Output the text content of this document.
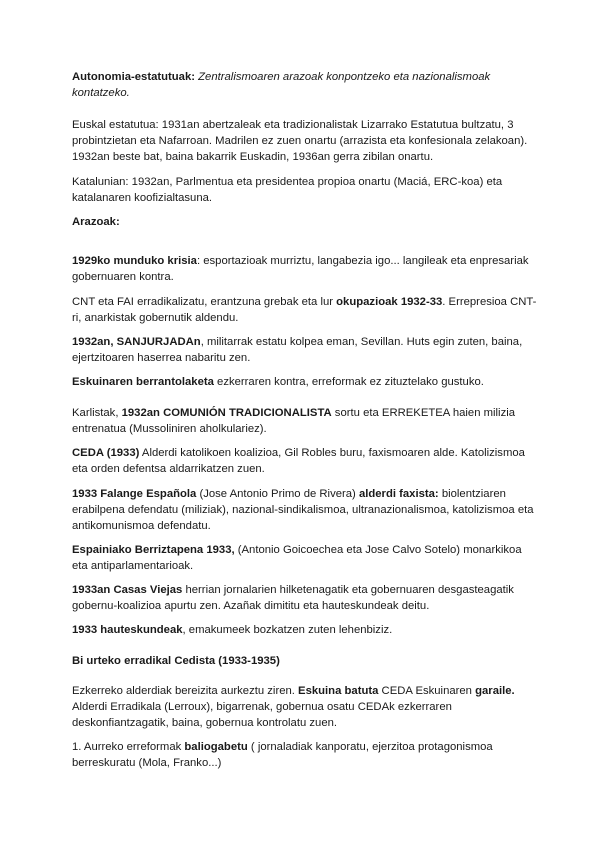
Autonomia-estatutuak: Zentralismoaren arazoak konpontzeko eta nazionalismoak kontatzeko.

Euskal estatutua: 1931an abertzaleak eta tradizionalistak Lizarrako Estatutua bultzatu, 3 probintzietan eta Nafarroan. Madrilen ez zuen onartu (arrazista eta konfesionala zelakoan). 1932an beste bat, baina bakarrik Euskadin, 1936an gerra zibilan onartu.

Katalunian: 1932an, Parlmentua eta presidentea propioa onartu (Maciá, ERC-koa) eta katalanaren koofizialtasuna.

Arazoak:

1929ko munduko krisia: esportazioak murriztu, langabezia igo... langileak eta enpresariak gobernuaren kontra.

CNT eta FAI erradikalizatu, erantzuna grebak eta lur okupazioak 1932-33. Errepresioa CNT-ri, anarkistak gobernutik aldendu.

1932an, SANJURJADAn, militarrak estatu kolpea eman, Sevillan. Huts egin zuten, baina, ejertzitoaren haserrea nabaritu zen.

Eskuinaren berrantolaketa ezkerraren kontra, erreformak ez zituztelako gustuko.

Karlistak, 1932an COMUNIÓN TRADICIONALISTA sortu eta ERREKETEA haien milizia entrenatua (Mussoliniren aholkulariez).

CEDA (1933) Alderdi katolikoen koalizioa, Gil Robles buru, faxismoaren alde. Katolizismoa eta orden defentsa aldarrikatzen zuen.

1933 Falange Española (Jose Antonio Primo de Rivera) alderdi faxista: biolentziaren erabilpena defendatu (miliziak), nazional-sindikalismoa, ultranazionalismoa, katolizismoa eta antikomunismoa defendatu.

Espainiako Berriztapena 1933, (Antonio Goicoechea eta Jose Calvo Sotelo) monarkikoa eta antiparlamentarioak.

1933an Casas Viejas herrian jornalarien hilketenagatik eta gobernuaren desgasteagatik gobernu-koalizioa apurtu zen. Azañak dimititu eta hauteskundeak deitu.

1933 hauteskundeak, emakumeek bozkatzen zuten lehenbiziz.

Bi urteko erradikal Cedista (1933-1935)

Ezkerreko alderdiak bereizita aurkeztu ziren. Eskuina batuta CEDA Eskuinaren garaile. Alderdi Erradikala (Lerroux), bigarrenak, gobernua osatu CEDAk ezkerraren deskonfiantzagatik, baina, gobernua kontrolatu zuen.

1. Aurreko erreformak baliogabetu ( jornaladiak kanporatu, ejerzitoa protagonismoa berreskuratu (Mola, Franko...)
